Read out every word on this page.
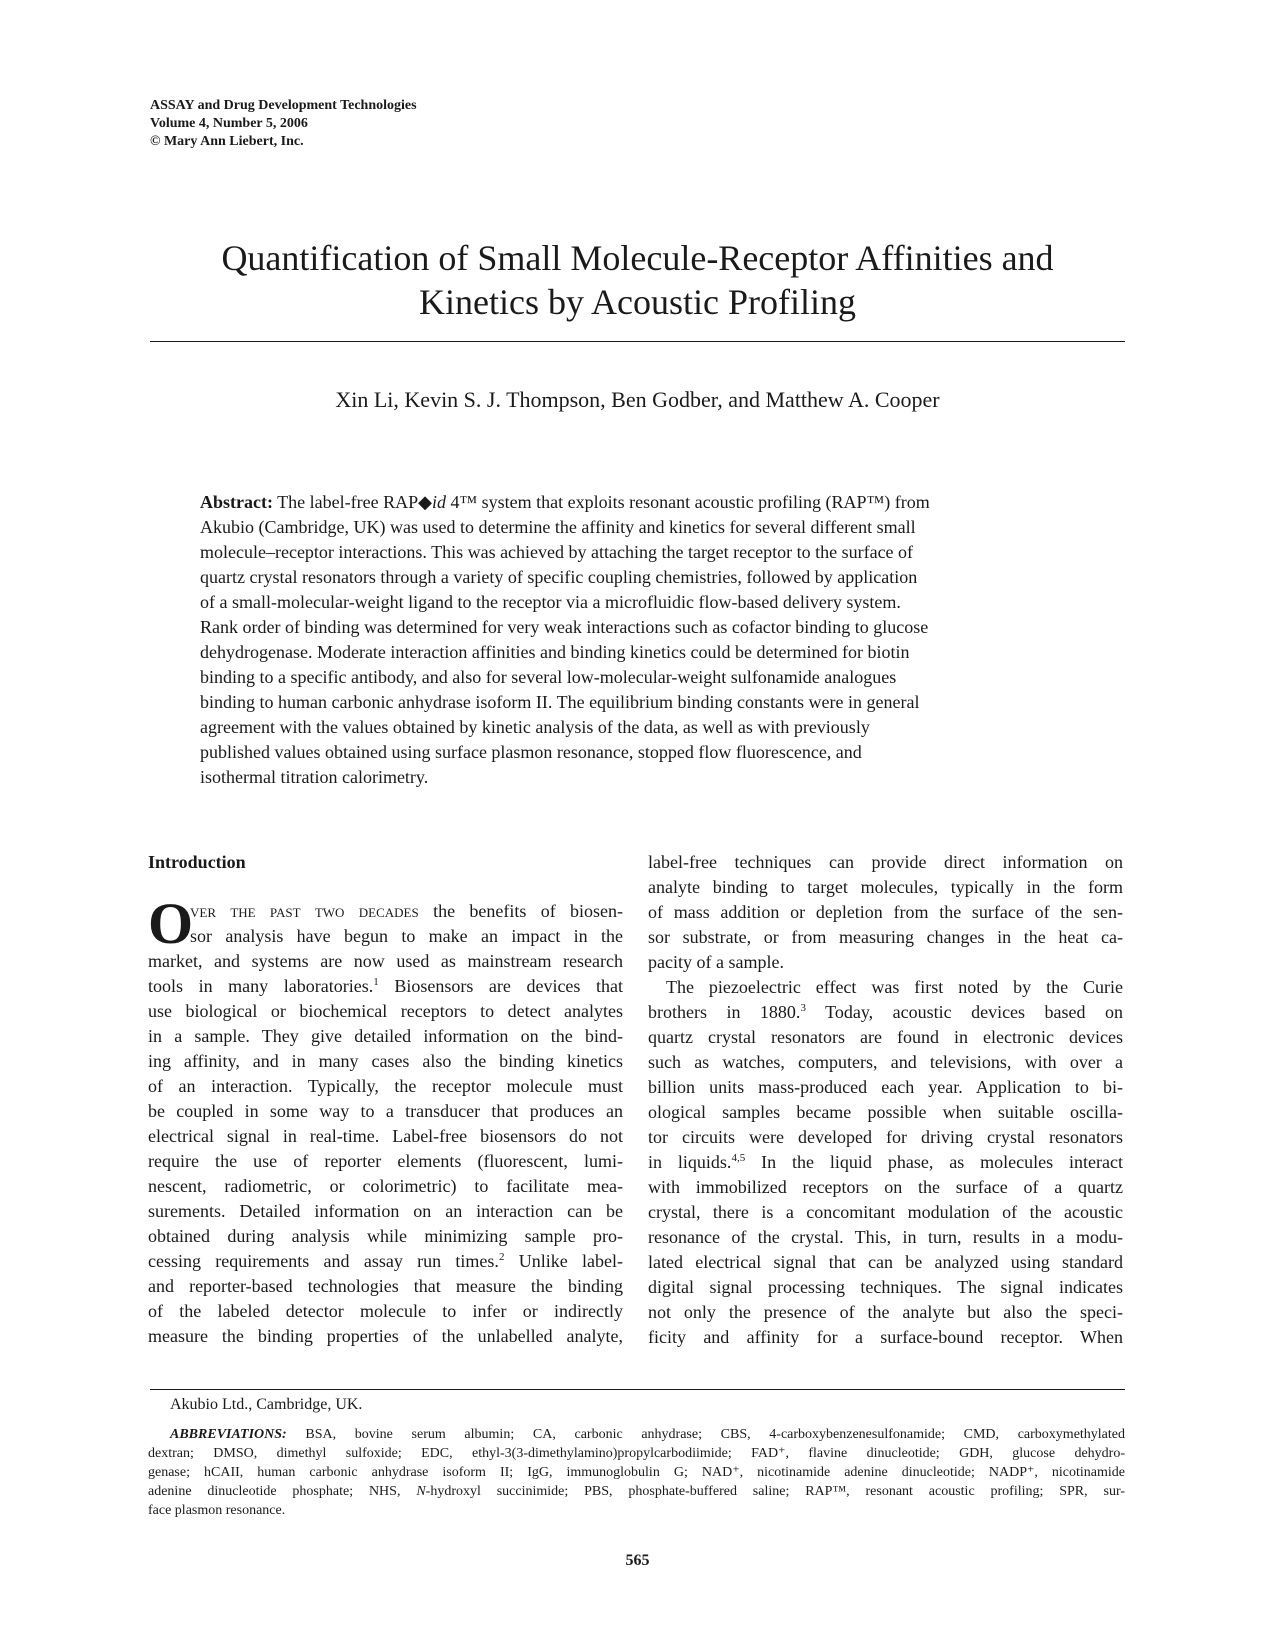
ASSAY and Drug Development Technologies
Volume 4, Number 5, 2006
© Mary Ann Liebert, Inc.
Quantification of Small Molecule-Receptor Affinities and
Kinetics by Acoustic Profiling
Xin Li, Kevin S. J. Thompson, Ben Godber, and Matthew A. Cooper
Abstract: The label-free RAP◆id 4™ system that exploits resonant acoustic profiling (RAP™) from
Akubio (Cambridge, UK) was used to determine the affinity and kinetics for several different small
molecule–receptor interactions. This was achieved by attaching the target receptor to the surface of
quartz crystal resonators through a variety of specific coupling chemistries, followed by application
of a small-molecular-weight ligand to the receptor via a microfluidic flow-based delivery system.
Rank order of binding was determined for very weak interactions such as cofactor binding to glucose
dehydrogenase. Moderate interaction affinities and binding kinetics could be determined for biotin
binding to a specific antibody, and also for several low-molecular-weight sulfonamide analogues
binding to human carbonic anhydrase isoform II. The equilibrium binding constants were in general
agreement with the values obtained by kinetic analysis of the data, as well as with previously
published values obtained using surface plasmon resonance, stopped flow fluorescence, and
isothermal titration calorimetry.
Introduction
O
ver the past two decades the benefits of biosen-
sor analysis have begun to make an impact in the
market, and systems are now used as mainstream research
tools in many laboratories.$^1$ Biosensors are devices that
use biological or biochemical receptors to detect analytes
in a sample. They give detailed information on the bind-
ing affinity, and in many cases also the binding kinetics
of an interaction. Typically, the receptor molecule must
be coupled in some way to a transducer that produces an
electrical signal in real-time. Label-free biosensors do not
require the use of reporter elements (fluorescent, lumi-
nescent, radiometric, or colorimetric) to facilitate mea-
surements. Detailed information on an interaction can be
obtained during analysis while minimizing sample pro-
cessing requirements and assay run times.$^2$ Unlike label-
and reporter-based technologies that measure the binding
of the labeled detector molecule to infer or indirectly
measure the binding properties of the unlabelled analyte,
label-free techniques can provide direct information on
analyte binding to target molecules, typically in the form
of mass addition or depletion from the surface of the sen-
sor substrate, or from measuring changes in the heat ca-
pacity of a sample.
The piezoelectric effect was first noted by the Curie
brothers in 1880.$^3$ Today, acoustic devices based on
quartz crystal resonators are found in electronic devices
such as watches, computers, and televisions, with over a
billion units mass-produced each year. Application to bi-
ological samples became possible when suitable oscilla-
tor circuits were developed for driving crystal resonators
in liquids.$^{4,5}$ In the liquid phase, as molecules interact
with immobilized receptors on the surface of a quartz
crystal, there is a concomitant modulation of the acoustic
resonance of the crystal. This, in turn, results in a modu-
lated electrical signal that can be analyzed using standard
digital signal processing techniques. The signal indicates
not only the presence of the analyte but also the speci-
ficity and affinity for a surface-bound receptor. When
Akubio Ltd., Cambridge, UK.
ABBREVIATIONS: BSA, bovine serum albumin; CA, carbonic anhydrase; CBS, 4-carboxybenzenesulfonamide; CMD, carboxymethylated
dextran; DMSO, dimethyl sulfoxide; EDC, ethyl-3(3-dimethylamino)propylcarbodiimide; FAD⁺, flavine dinucleotide; GDH, glucose dehydro-
genase; hCAII, human carbonic anhydrase isoform II; IgG, immunoglobulin G; NAD⁺, nicotinamide adenine dinucleotide; NADP⁺, nicotinamide
adenine dinucleotide phosphate; NHS, N-hydroxyl succinimide; PBS, phosphate-buffered saline; RAP™, resonant acoustic profiling; SPR, sur-
face plasmon resonance.
565
